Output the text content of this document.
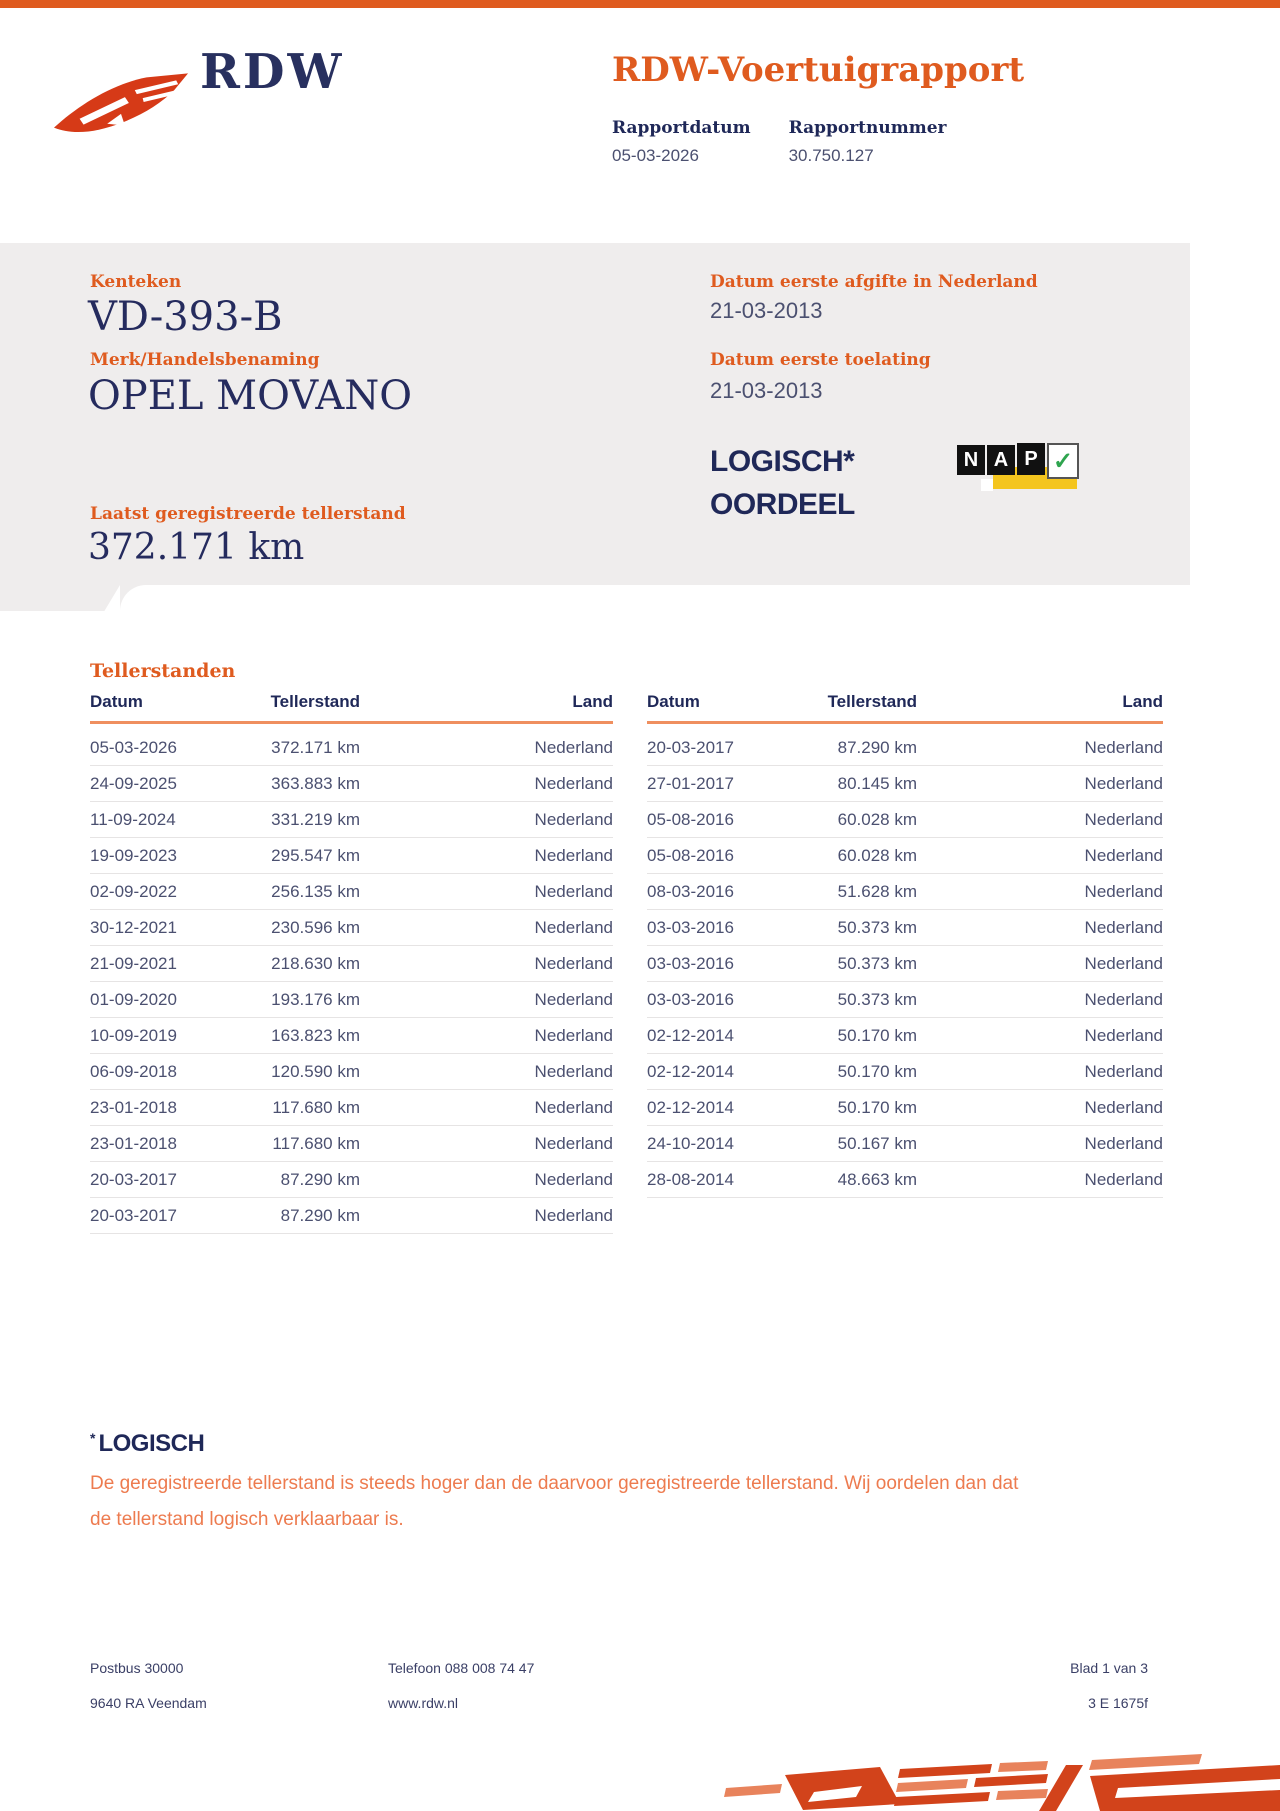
RDW	RDW-Voertuigrapport
Rapportdatum
05-03-2026
Rapportnummer
30.750.127
Kenteken
VD-393-B
Merk/Handelsbenaming
OPEL MOVANO
Datum eerste afgifte in Nederland
21-03-2013
Datum eerste toelating
21-03-2013
LOGISCH*
OORDEEL
N A P ✓
Laatst geregistreerde tellerstand
372.171 km
Tellerstanden
Datum	Tellerstand	Land
05-03-2026	372.171 km	Nederland
24-09-2025	363.883 km	Nederland
11-09-2024	331.219 km	Nederland
19-09-2023	295.547 km	Nederland
02-09-2022	256.135 km	Nederland
30-12-2021	230.596 km	Nederland
21-09-2021	218.630 km	Nederland
01-09-2020	193.176 km	Nederland
10-09-2019	163.823 km	Nederland
06-09-2018	120.590 km	Nederland
23-01-2018	117.680 km	Nederland
23-01-2018	117.680 km	Nederland
20-03-2017	87.290 km	Nederland
20-03-2017	87.290 km	Nederland
Datum	Tellerstand	Land
20-03-2017	87.290 km	Nederland
27-01-2017	80.145 km	Nederland
05-08-2016	60.028 km	Nederland
05-08-2016	60.028 km	Nederland
08-03-2016	51.628 km	Nederland
03-03-2016	50.373 km	Nederland
03-03-2016	50.373 km	Nederland
03-03-2016	50.373 km	Nederland
02-12-2014	50.170 km	Nederland
02-12-2014	50.170 km	Nederland
02-12-2014	50.170 km	Nederland
24-10-2014	50.167 km	Nederland
28-08-2014	48.663 km	Nederland
* LOGISCH
De geregistreerde tellerstand is steeds hoger dan de daarvoor geregistreerde tellerstand. Wij oordelen dan dat de tellerstand logisch verklaarbaar is.
Postbus 30000
9640 RA Veendam
Telefoon 088 008 74 47
www.rdw.nl
Blad 1 van 3
3 E 1675f
